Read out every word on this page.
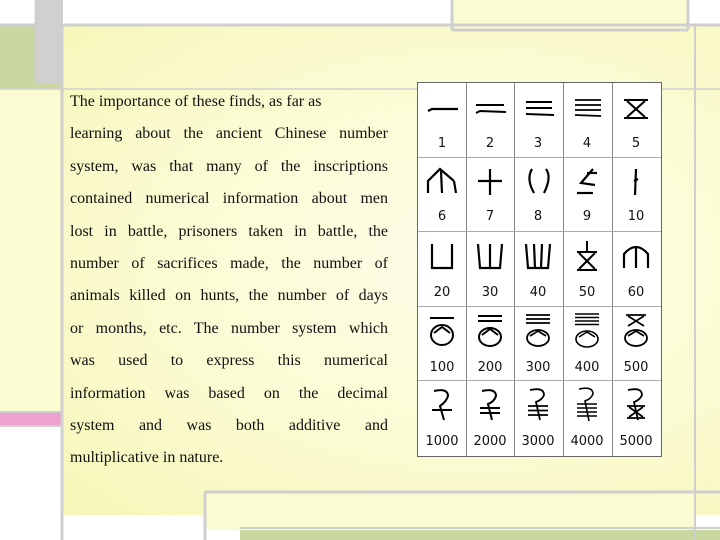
The importance of these finds, as far as
learning about the ancient Chinese number
system, was that many of the inscriptions
contained numerical information about men
lost in battle, prisoners taken in battle, the
number of sacrifices made, the number of
animals killed on hunts, the number of days
or months, etc. The number system which
was used to express this numerical
information was based on the decimal
system and was both additive and
multiplicative in nature.
1	2	3	4	5
6	7	8	9	10
20	30	40	50	60
100	200	300	400	500
1000	2000	3000	4000	5000
